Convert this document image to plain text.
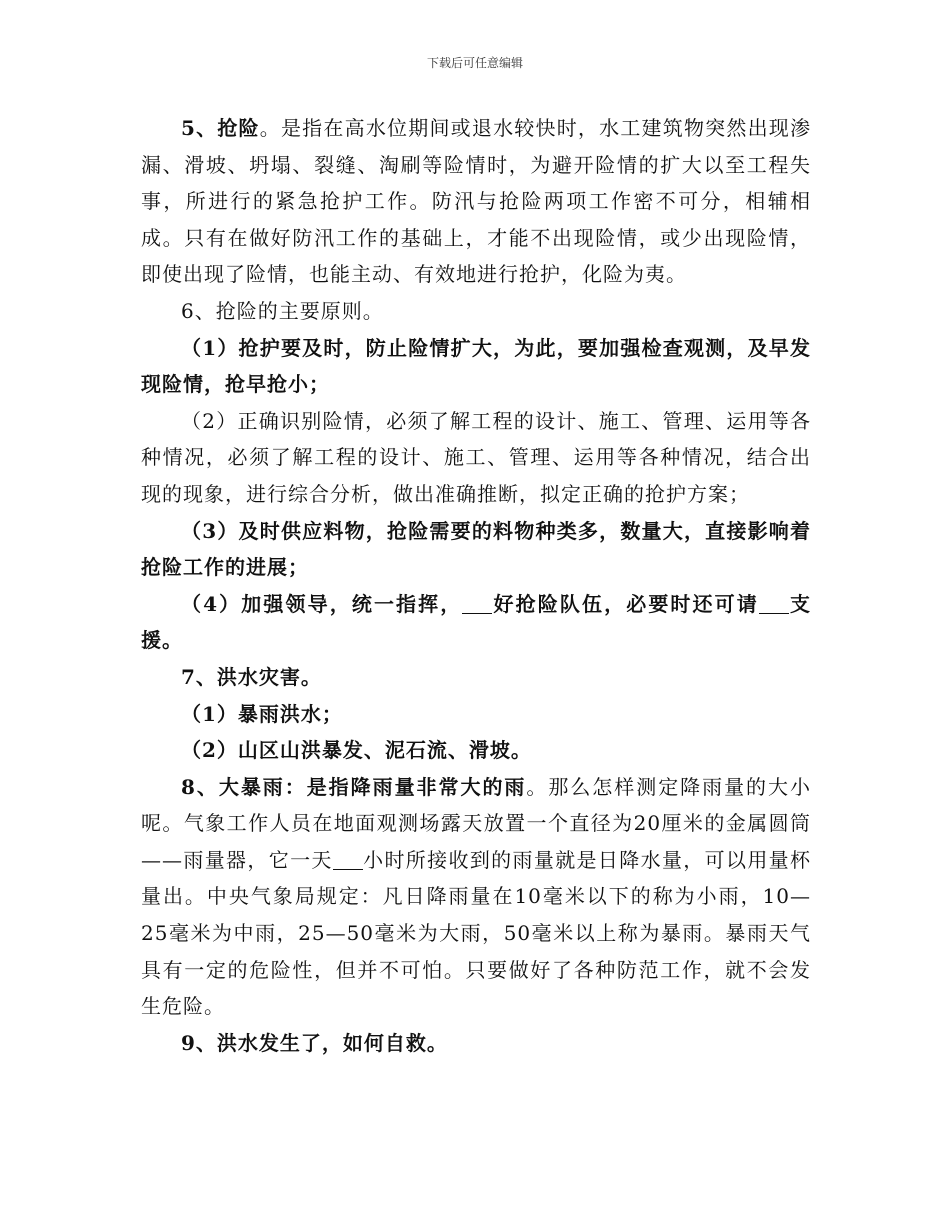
下载后可任意编辑

5、抢险。是指在高水位期间或退水较快时，水工建筑物突然出现渗漏、滑坡、坍塌、裂缝、淘刷等险情时，为避开险情的扩大以至工程失事，所进行的紧急抢护工作。防汛与抢险两项工作密不可分，相辅相成。只有在做好防汛工作的基础上，才能不出现险情，或少出现险情，即使出现了险情，也能主动、有效地进行抢护，化险为夷。

6、抢险的主要原则。

（1）抢护要及时，防止险情扩大，为此，要加强检查观测，及早发现险情，抢早抢小；

（2）正确识别险情，必须了解工程的设计、施工、管理、运用等各种情况，必须了解工程的设计、施工、管理、运用等各种情况，结合出现的现象，进行综合分析，做出准确推断，拟定正确的抢护方案；

（3）及时供应料物，抢险需要的料物种类多，数量大，直接影响着抢险工作的进展；

（4）加强领导，统一指挥， 好抢险队伍，必要时还可请 支援。

7、洪水灾害。

（1）暴雨洪水；

（2）山区山洪暴发、泥石流、滑坡。

8、大暴雨：是指降雨量非常大的雨。那么怎样测定降雨量的大小呢。气象工作人员在地面观测场露天放置一个直径为20厘米的金属圆筒——雨量器，它一天 小时所接收到的雨量就是日降水量，可以用量杯量出。中央气象局规定：凡日降雨量在10毫米以下的称为小雨，10—25毫米为中雨，25—50毫米为大雨，50毫米以上称为暴雨。暴雨天气具有一定的危险性，但并不可怕。只要做好了各种防范工作，就不会发生危险。

9、洪水发生了，如何自救。
